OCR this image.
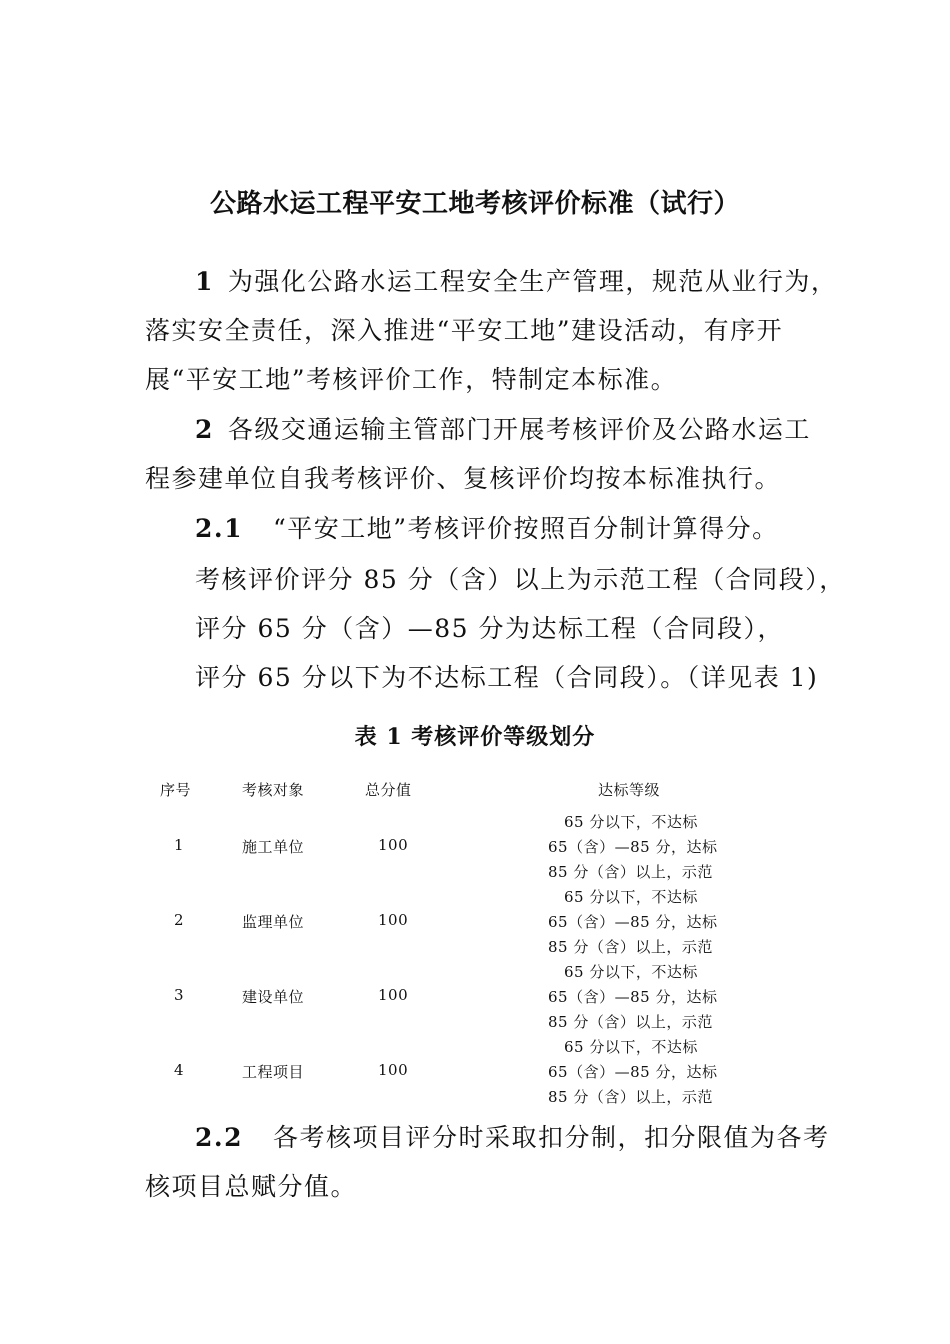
公路水运工程平安工地考核评价标准（试行）
1 为强化公路水运工程安全生产管理，规范从业行为，
落实安全责任，深入推进“平安工地”建设活动，有序开
展“平安工地”考核评价工作，特制定本标准。
2 各级交通运输主管部门开展考核评价及公路水运工
程参建单位自我考核评价、复核评价均按本标准执行。
2.1 “平安工地”考核评价按照百分制计算得分。
考核评价评分 85 分（含）以上为示范工程（合同段），
评分 65 分（含）—85 分为达标工程（合同段），
评分 65 分以下为不达标工程（合同段）。（详见表 1)
表 1 考核评价等级划分
序号	考核对象	总分值	达标等级
1	施工单位	100
65 分以下，不达标
65（含）—85 分，达标
85 分（含）以上，示范
2	监理单位	100
65 分以下，不达标
65（含）—85 分，达标
85 分（含）以上，示范
3	建设单位	100
65 分以下，不达标
65（含）—85 分，达标
85 分（含）以上，示范
4	工程项目	100
65 分以下，不达标
65（含）—85 分，达标
85 分（含）以上，示范
2.2 各考核项目评分时采取扣分制，扣分限值为各考
核项目总赋分值。
